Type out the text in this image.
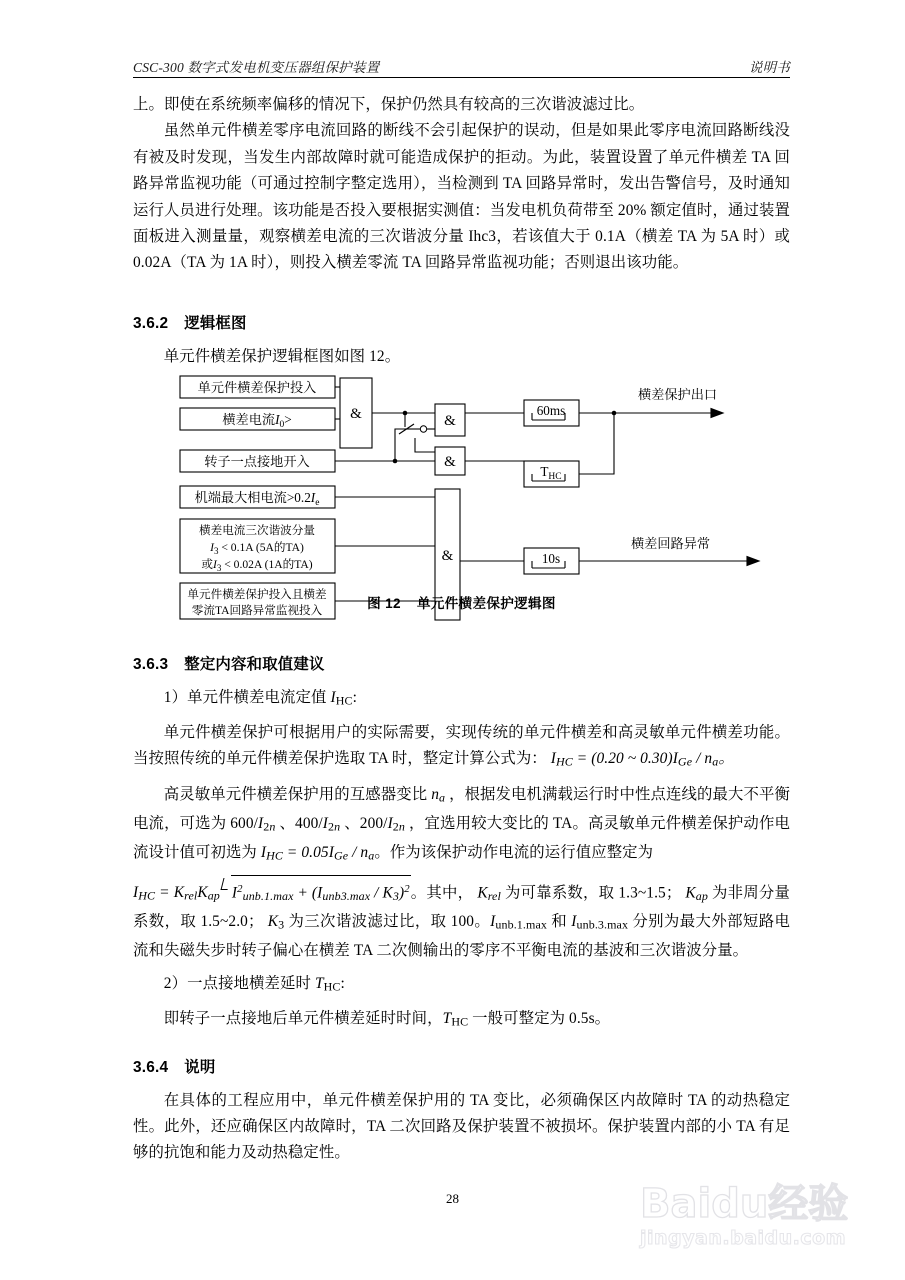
CSC-300 数字式发电机变压器组保护装置	说明书

上。即使在系统频率偏移的情况下，保护仍然具有较高的三次谐波滤过比。

虽然单元件横差零序电流回路的断线不会引起保护的误动，但是如果此零序电流回路断线没有被及时发现，当发生内部故障时就可能造成保护的拒动。为此，装置设置了单元件横差 TA 回路异常监视功能（可通过控制字整定选用），当检测到 TA 回路异常时，发出告警信号，及时通知运行人员进行处理。该功能是否投入要根据实测值：当发电机负荷带至 20% 额定值时，通过装置面板进入测量量，观察横差电流的三次谐波分量 Ihc3，若该值大于 0.1A（横差 TA 为 5A 时）或 0.02A（TA 为 1A 时），则投入横差零流 TA 回路异常监视功能；否则退出该功能。

3.6.2 逻辑框图

单元件横差保护逻辑框图如图 12。

单元件横差保护投入
横差电流$I_0>$
转子一点接地开入
机端最大相电流$>0.2I_e$
横差电流三次谐波分量
$I_3 < 0.1A$ (5A的TA)
或$I_3 < 0.02A$ (1A的TA)
单元件横差保护投入且横差
零流TA回路异常监视投入
&	&
&
&
60ms
$T_{HC}$
10s
横差保护出口
横差回路异常
图 12 单元件横差保护逻辑图
3.6.3 整定内容和取值建议

1）单元件横差电流定值 IHC:

单元件横差保护可根据用户的实际需要，实现传统的单元件横差和高灵敏单元件横差功能。当按照传统的单元件横差保护选取 TA 时，整定计算公式为： IHC = (0.20 ~ 0.30)IGe / na。

高灵敏单元件横差保护用的互感器变比 na ，根据发电机满载运行时中性点连线的最大不平衡电流，可选为 600/I2n 、400/I2n 、200/I2n ，宜选用较大变比的 TA。高灵敏单元件横差保护动作电流设计值可初选为 IHC = 0.05IGe / na。作为该保护动作电流的运行值应整定为

IHC = KrelKap $I^2unb.1.\max$ + (Iunb3.max / K3)$^2$。其中， Krel 为可靠系数，取 1.3~1.5； Kap 为非周分量系数，取 1.5~2.0； K3 为三次谐波滤过比，取 100。Iunb.1.max 和 Iunb.3.max 分别为最大外部短路电流和失磁失步时转子偏心在横差 TA 二次侧输出的零序不平衡电流的基波和三次谐波分量。

2）一点接地横差延时 THC:

即转子一点接地后单元件横差延时时间，THC 一般可整定为 0.5s。

3.6.4 说明

在具体的工程应用中，单元件横差保护用的 TA 变比，必须确保区内故障时 TA 的动热稳定性。此外，还应确保区内故障时，TA 二次回路及保护装置不被损坏。保护装置内部的小 TA 有足够的抗饱和能力及动热稳定性。

28	Baidu经验
jingyan.baidu.com
